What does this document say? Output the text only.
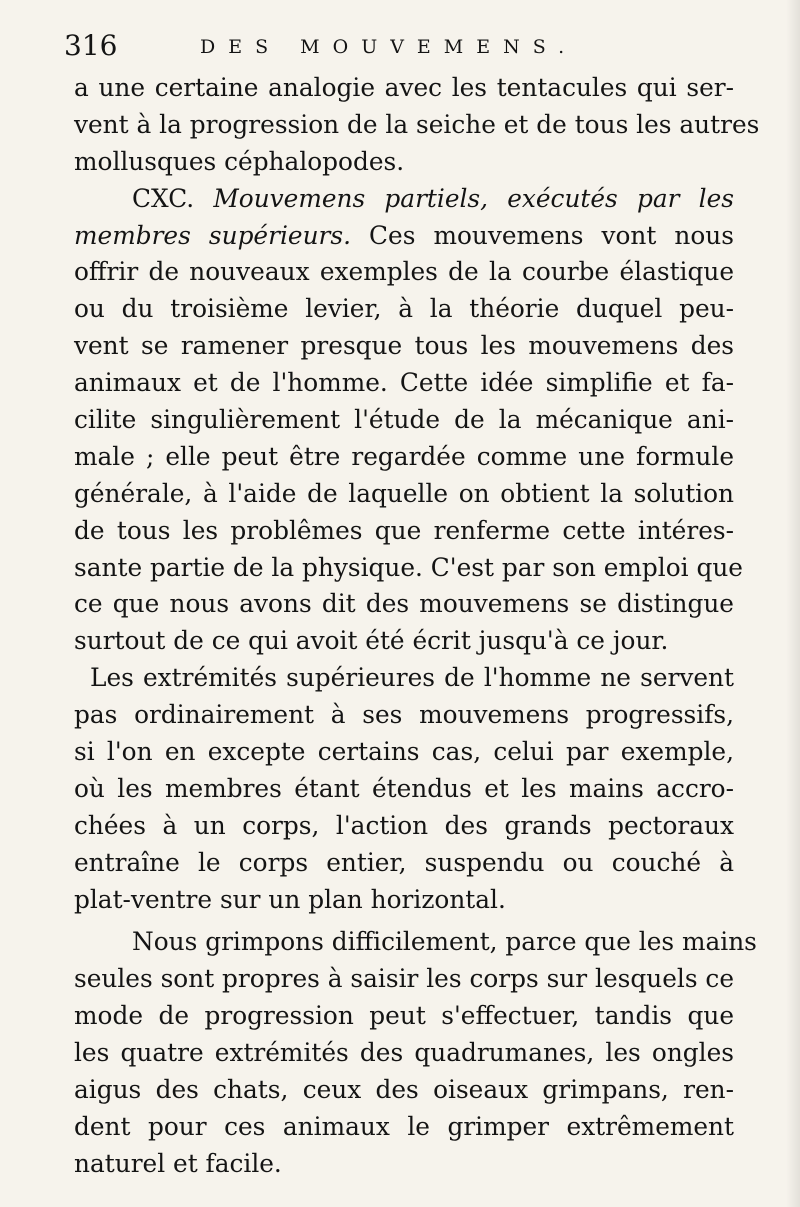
316	DES MOUVEMENS.
a une certaine analogie avec les tentacules qui ser-
vent à la progression de la seiche et de tous les autres
mollusques céphalopodes.
CXC. Mouvemens partiels, exécutés par les
membres supérieurs. Ces mouvemens vont nous
offrir de nouveaux exemples de la courbe élastique
ou du troisième levier, à la théorie duquel peu-
vent se ramener presque tous les mouvemens des
animaux et de l'homme. Cette idée simplifie et fa-
cilite singulièrement l'étude de la mécanique ani-
male ; elle peut être regardée comme une formule
générale, à l'aide de laquelle on obtient la solution
de tous les problêmes que renferme cette intéres-
sante partie de la physique. C'est par son emploi que
ce que nous avons dit des mouvemens se distingue
surtout de ce qui avoit été écrit jusqu'à ce jour.
Les extrémités supérieures de l'homme ne servent
pas ordinairement à ses mouvemens progressifs,
si l'on en excepte certains cas, celui par exemple,
où les membres étant étendus et les mains accro-
chées à un corps, l'action des grands pectoraux
entraîne le corps entier, suspendu ou couché à
plat-ventre sur un plan horizontal.
Nous grimpons difficilement, parce que les mains
seules sont propres à saisir les corps sur lesquels ce
mode de progression peut s'effectuer, tandis que
les quatre extrémités des quadrumanes, les ongles
aigus des chats, ceux des oiseaux grimpans, ren-
dent pour ces animaux le grimper extrêmement
naturel et facile.
